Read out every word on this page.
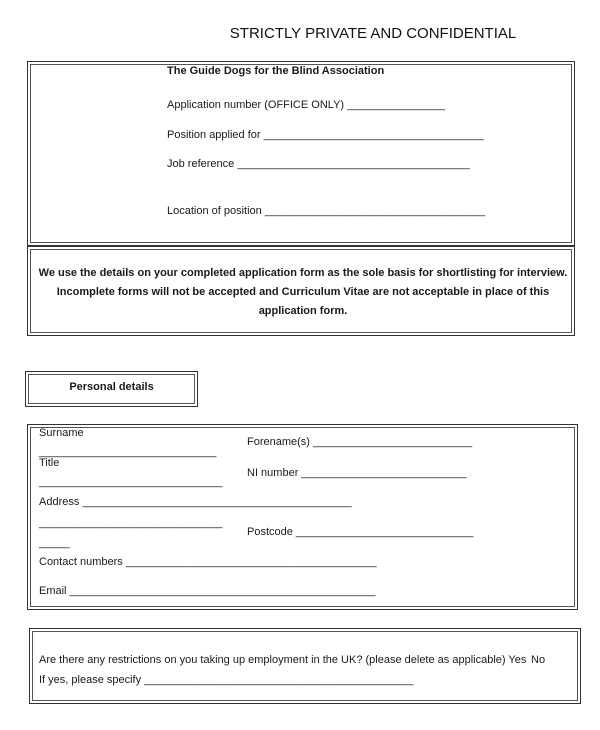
STRICTLY PRIVATE AND CONFIDENTIAL
The Guide Dogs for the Blind Association
Application number (OFFICE ONLY) ________________
Position applied for ____________________________________
Job reference ______________________________________
Location of position ____________________________________
We use the details on your completed application form as the sole basis for shortlisting for interview. Incomplete forms will not be accepted and Curriculum Vitae are not acceptable in place of this application form.
Personal details
Surname
_____________________________
Title
______________________________
Forename(s) __________________________
NI number ___________________________
Address ____________________________________________
______________________________
Postcode _____________________________
_____
Contact numbers _________________________________________
Email __________________________________________________
Are there any restrictions on you taking up employment in the UK? (please delete as applicable) Yes No
If yes, please specify ____________________________________________
